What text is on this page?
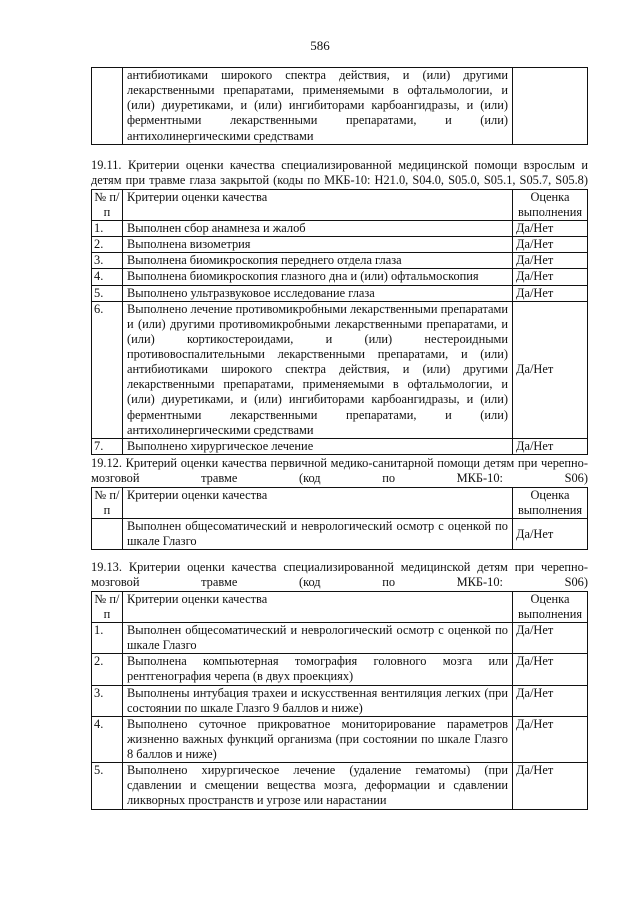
586
	антибиотиками широкого спектра действия, и (или) другими лекарственными препаратами, применяемыми в офтальмологии, и (или) диуретиками, и (или) ингибиторами карбоангидразы, и (или) ферментными лекарственными препаратами, и (или) антихолинергическими средствами	

19.11. Критерии оценки качества специализированной медицинской помощи взрослым и детям при травме глаза закрытой (коды по МКБ-10: H21.0, S04.0, S05.0, S05.1, S05.7, S05.8)

№ п/п	Критерии оценки качества	Оценка выполнения
1.	Выполнен сбор анамнеза и жалоб	Да/Нет
2.	Выполнена визометрия	Да/Нет
3.	Выполнена биомикроскопия переднего отдела глаза	Да/Нет
4.	Выполнена биомикроскопия глазного дна и (или) офтальмоскопия	Да/Нет
5.	Выполнено ультразвуковое исследование глаза	Да/Нет
6.	Выполнено лечение противомикробными лекарственными препаратами и (или) другими противомикробными лекарственными препаратами, и (или) кортикостероидами, и (или) нестероидными противовоспалительными лекарственными препаратами, и (или) антибиотиками широкого спектра действия, и (или) другими лекарственными препаратами, применяемыми в офтальмологии, и (или) диуретиками, и (или) ингибиторами карбоангидразы, и (или) ферментными лекарственными препаратами, и (или) антихолинергическими средствами	Да/Нет
7.	Выполнено хирургическое лечение	Да/Нет

19.12. Критерий оценки качества первичной медико-санитарной помощи детям при черепно-мозговой травме (код по МКБ-10: S06)

№ п/п	Критерии оценки качества	Оценка выполнения
	Выполнен общесоматический и неврологический осмотр с оценкой по шкале Глазго	Да/Нет

19.13. Критерии оценки качества специализированной медицинской детям при черепно-мозговой травме (код по МКБ-10: S06)

№ п/п	Критерии оценки качества	Оценка выполнения
1.	Выполнен общесоматический и неврологический осмотр с оценкой по шкале Глазго	Да/Нет
2.	Выполнена компьютерная томография головного мозга или рентгенография черепа (в двух проекциях)	Да/Нет
3.	Выполнены интубация трахеи и искусственная вентиляция легких (при состоянии по шкале Глазго 9 баллов и ниже)	Да/Нет
4.	Выполнено суточное прикроватное мониторирование параметров жизненно важных функций организма (при состоянии по шкале Глазго 8 баллов и ниже)	Да/Нет
5.	Выполнено хирургическое лечение (удаление гематомы) (при сдавлении и смещении вещества мозга, деформации и сдавлении ликворных пространств и угрозе или нарастании	Да/Нет
